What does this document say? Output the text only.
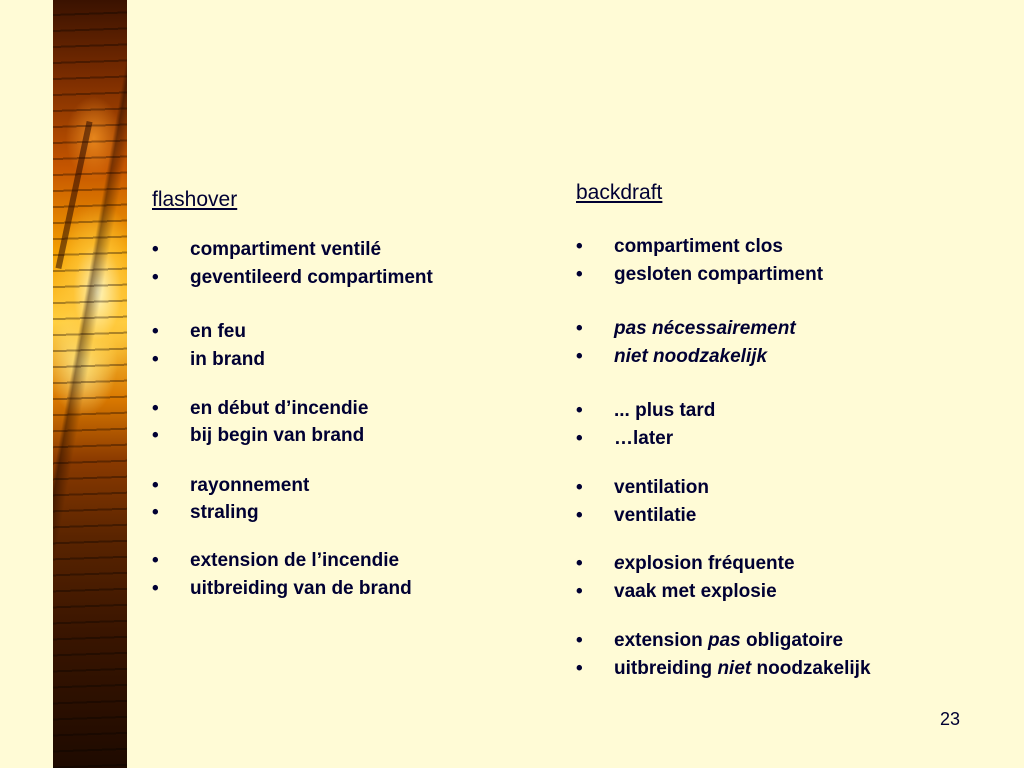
flashover
•	compartiment ventilé
•	geventileerd compartiment
•	en feu
•	in brand
•	en début d’incendie
•	bij begin van brand
•	rayonnement
•	straling
•	extension de l’incendie
•	uitbreiding van de brand
backdraft
•	compartiment clos
•	gesloten compartiment
•	pas nécessairement
•	niet noodzakelijk
•	... plus tard
•	…later
•	ventilation
•	ventilatie
•	explosion fréquente
•	vaak met explosie
•	extension pas obligatoire
•	uitbreiding niet noodzakelijk
23
